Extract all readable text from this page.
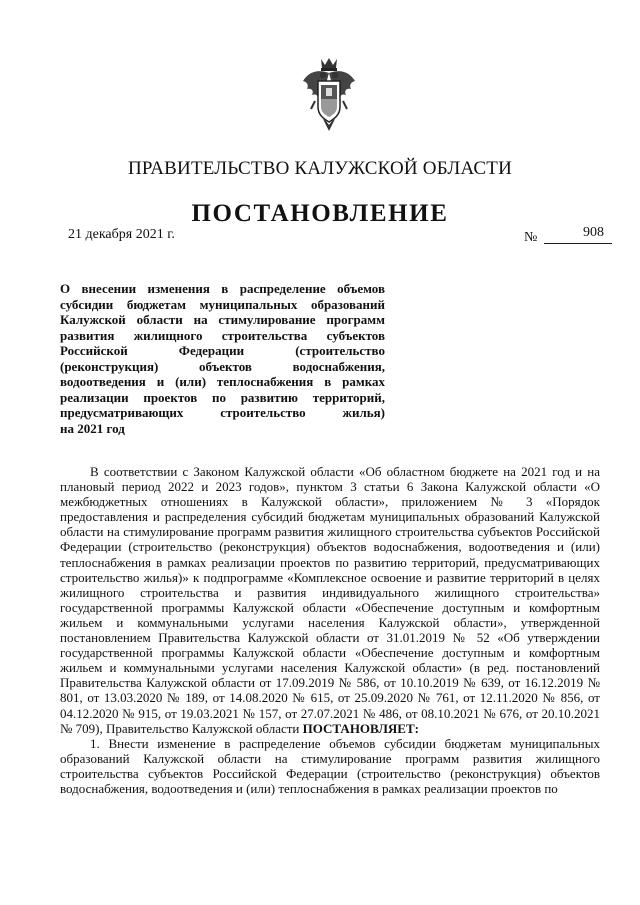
ПРАВИТЕЛЬСТВО КАЛУЖСКОЙ ОБЛАСТИ
ПОСТАНОВЛЕНИЕ
21 декабря 2021 г.	№	908
О внесении изменения в распределение объемов
субсидии бюджетам муниципальных образований
Калужской области на стимулирование программ
развития жилищного строительства субъектов
Российской Федерации (строительство
(реконструкция) объектов водоснабжения,
водоотведения и (или) теплоснабжения в рамках
реализации проектов по развитию территорий,
предусматривающих строительство жилья)
на 2021 год

В соответствии с Законом Калужской области «Об областном бюджете на 2021 год и на плановый период 2022 и 2023 годов», пунктом 3 статьи 6 Закона Калужской области «О межбюджетных отношениях в Калужской области», приложением № 3 «Порядок предоставления и распределения субсидий бюджетам муниципальных образований Калужской области на стимулирование программ развития жилищного строительства субъектов Российской Федерации (строительство (реконструкция) объектов водоснабжения, водоотведения и (или) теплоснабжения в рамках реализации проектов по развитию территорий, предусматривающих строительство жилья)» к подпрограмме «Комплексное освоение и развитие территорий в целях жилищного строительства и развития индивидуального жилищного строительства» государственной программы Калужской области «Обеспечение доступным и комфортным жильем и коммунальными услугами населения Калужской области», утвержденной постановлением Правительства Калужской области от 31.01.2019 № 52 «Об утверждении государственной программы Калужской области «Обеспечение доступным и комфортным жильем и коммунальными услугами населения Калужской области» (в ред. постановлений Правительства Калужской области от 17.09.2019 № 586, от 10.10.2019 № 639, от 16.12.2019 № 801, от 13.03.2020 № 189, от 14.08.2020 № 615, от 25.09.2020 № 761, от 12.11.2020 № 856, от 04.12.2020 № 915, от 19.03.2021 № 157, от 27.07.2021 № 486, от 08.10.2021 № 676, от 20.10.2021 № 709), Правительство Калужской области ПОСТАНОВЛЯЕТ:

1. Внести изменение в распределение объемов субсидии бюджетам муниципальных образований Калужской области на стимулирование программ развития жилищного строительства субъектов Российской Федерации (строительство (реконструкция) объектов водоснабжения, водоотведения и (или) теплоснабжения в рамках реализации проектов по
